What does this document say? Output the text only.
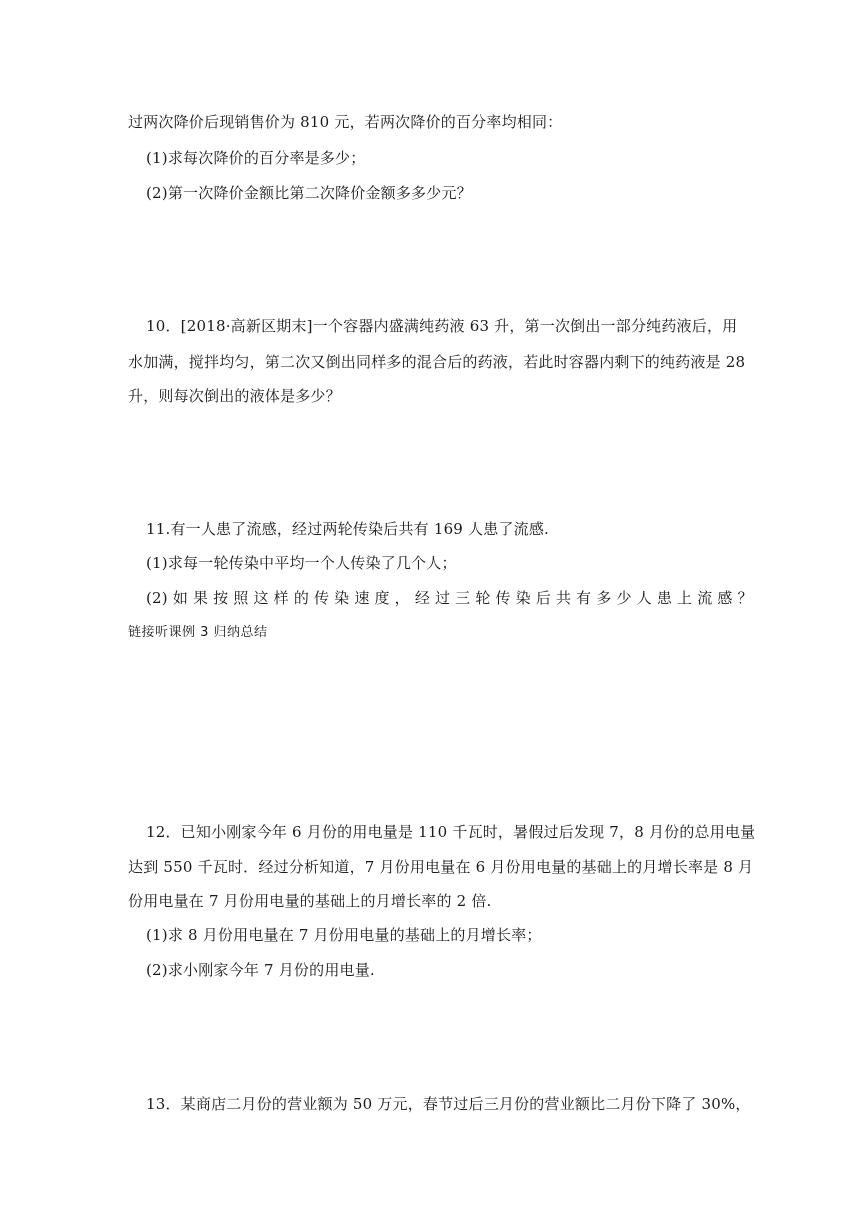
过两次降价后现销售价为 810 元，若两次降价的百分率均相同：
(1)求每次降价的百分率是多少；
(2)第一次降价金额比第二次降价金额多多少元？
10．[2018·高新区期末]一个容器内盛满纯药液 63 升，第一次倒出一部分纯药液后，用
水加满，搅拌均匀，第二次又倒出同样多的混合后的药液，若此时容器内剩下的纯药液是 28
升，则每次倒出的液体是多少？
11.有一人患了流感，经过两轮传染后共有 169 人患了流感.
(1)求每一轮传染中平均一个人传染了几个人；
(2) 如 果 按 照 这 样 的 传 染 速 度 ， 经 过 三 轮 传 染 后 共 有 多 少 人 患 上 流 感 ？
链接听课例 3 归纳总结
12．已知小刚家今年 6 月份的用电量是 110 千瓦时，暑假过后发现 7，8 月份的总用电量
达到 550 千瓦时．经过分析知道，7 月份用电量在 6 月份用电量的基础上的月增长率是 8 月
份用电量在 7 月份用电量的基础上的月增长率的 2 倍.
(1)求 8 月份用电量在 7 月份用电量的基础上的月增长率；
(2)求小刚家今年 7 月份的用电量.
13．某商店二月份的营业额为 50 万元，春节过后三月份的营业额比二月份下降了 30%，
